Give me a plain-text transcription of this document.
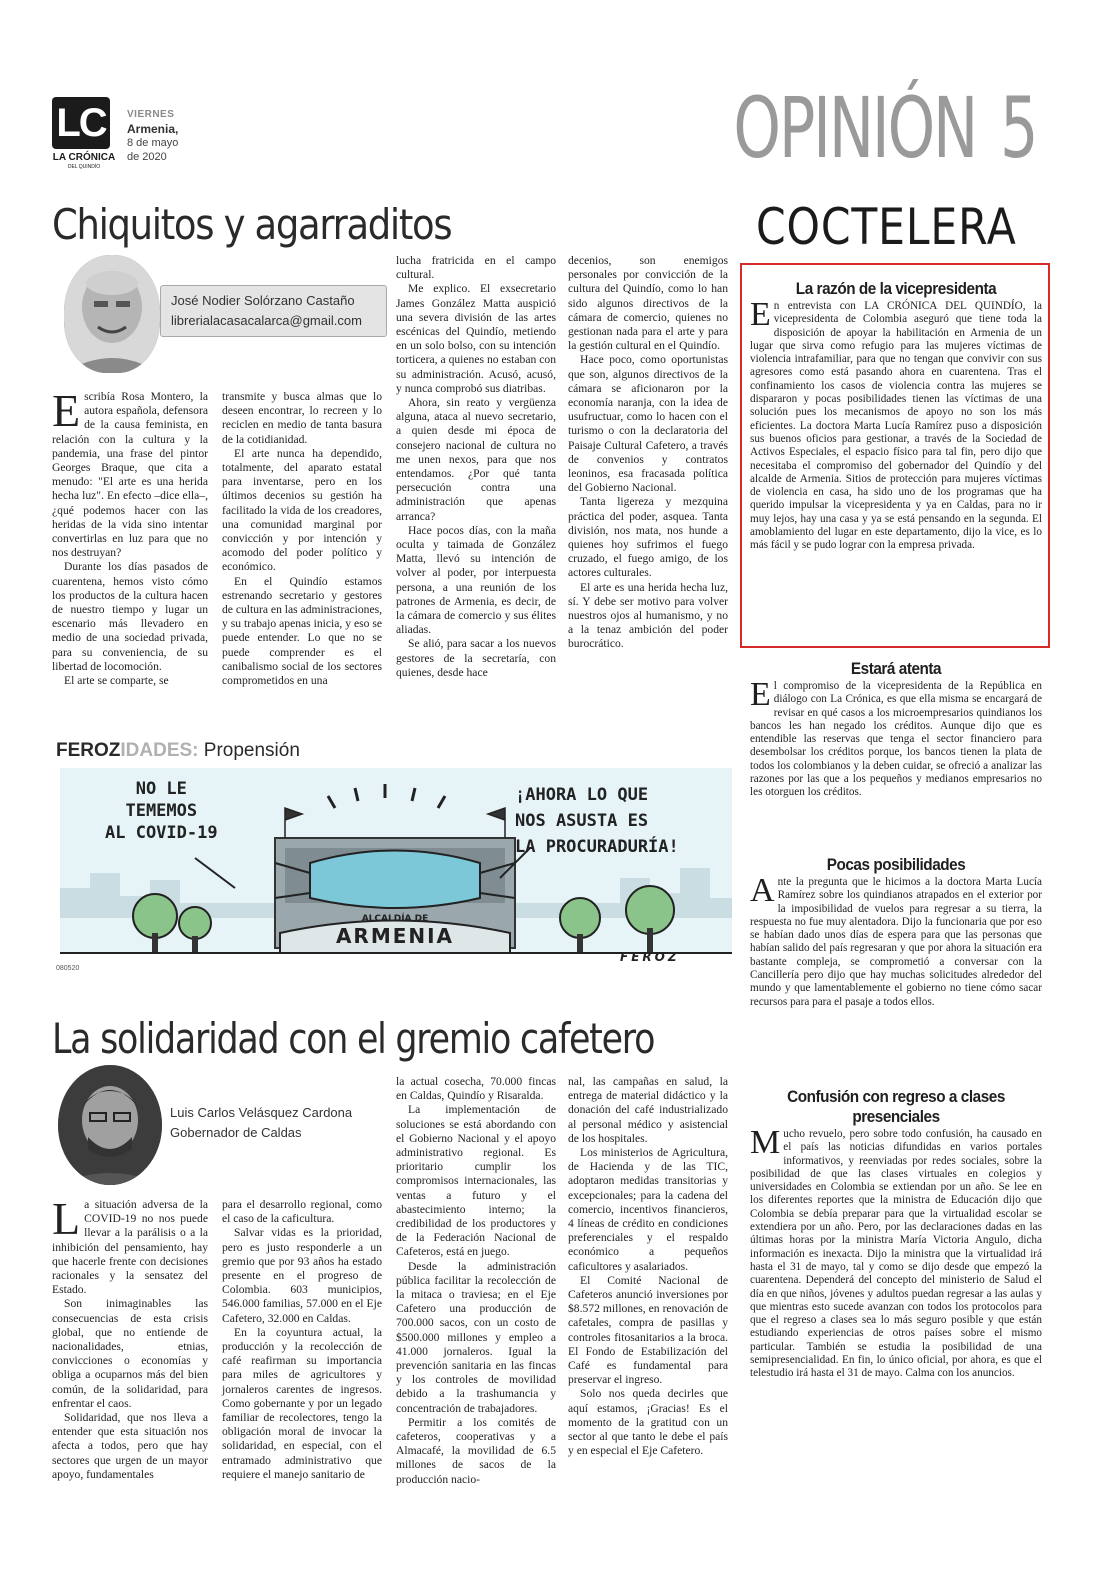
LC
LA CRÓNICA
DEL QUINDÍO
VIERNES
Armenia,
8 de mayo
de 2020	OPINIÓN 5
Chiquitos y agarraditos
José Nodier Solórzano Castaño
librerialacasacalarca@gmail.com

Escribía Rosa Montero, la autora española, defensora de la causa feminista, en relación con la cultura y la pandemia, una frase del pintor Georges Braque, que cita a menudo: "El arte es una herida hecha luz". En efecto –dice ella–, ¿qué podemos hacer con las heridas de la vida sino intentar convertirlas en luz para que no nos destruyan?

Durante los días pasados de cuarentena, hemos visto cómo los productos de la cultura hacen de nuestro tiempo y lugar un escenario más llevadero en medio de una sociedad privada, para su conveniencia, de su libertad de locomoción.

El arte se comparte, se

transmite y busca almas que lo deseen encontrar, lo recreen y lo reciclen en medio de tanta basura de la cotidianidad.

El arte nunca ha dependido, totalmente, del aparato estatal para inventarse, pero en los últimos decenios su gestión ha facilitado la vida de los creadores, una comunidad marginal por convicción y por intención y acomodo del poder político y económico.

En el Quindío estamos estrenando secretario y gestores de cultura en las administraciones, y su trabajo apenas inicia, y eso se puede entender. Lo que no se puede comprender es el canibalismo social de los sectores comprometidos en una

lucha fratricida en el campo cultural.

Me explico. El exsecretario James González Matta auspició una severa división de las artes escénicas del Quindío, metiendo en un solo bolso, con su intención torticera, a quienes no estaban con su administración. Acusó, acusó, y nunca comprobó sus diatribas.

Ahora, sin reato y vergüenza alguna, ataca al nuevo secretario, a quien desde mi época de consejero nacional de cultura no me unen nexos, para que nos entendamos. ¿Por qué tanta persecución contra una administración que apenas arranca?

Hace pocos días, con la maña oculta y taimada de González Matta, llevó su intención de volver al poder, por interpuesta persona, a una reunión de los patrones de Armenia, es decir, de la cámara de comercio y sus élites aliadas.

Se alió, para sacar a los nuevos gestores de la secretaría, con quienes, desde hace

decenios, son enemigos personales por convicción de la cultura del Quindío, como lo han sido algunos directivos de la cámara de comercio, quienes no gestionan nada para el arte y para la gestión cultural en el Quindío.

Hace poco, como oportunistas que son, algunos directivos de la cámara se aficionaron por la economía naranja, con la idea de usufructuar, como lo hacen con el turismo o con la declaratoria del Paisaje Cultural Cafetero, a través de convenios y contratos leoninos, esa fracasada política del Gobierno Nacional.

Tanta ligereza y mezquina práctica del poder, asquea. Tanta división, nos mata, nos hunde a quienes hoy sufrimos el fuego cruzado, el fuego amigo, de los actores culturales.

El arte es una herida hecha luz, sí. Y debe ser motivo para volver nuestros ojos al humanismo, y no a la tenaz ambición del poder burocrático.

FEROZIDADES: Propensión
NO LE
TEMEMOS
AL COVID-19
¡AHORA LO QUE
NOS ASUSTA ES
LA PROCURADURÍA!
ALCALDÍA DE
ARMENIA
FEROZ
080520
La solidaridad con el gremio cafetero
Luis Carlos Velásquez Cardona
Gobernador de Caldas

La situación adversa de la COVID-19 no nos puede llevar a la parálisis o a la inhibición del pensamiento, hay que hacerle frente con decisiones racionales y la sensatez del Estado.

Son inimaginables las consecuencias de esta crisis global, que no entiende de nacionalidades, etnias, convicciones o economías y obliga a ocuparnos más del bien común, de la solidaridad, para enfrentar el caos.

Solidaridad, que nos lleva a entender que esta situación nos afecta a todos, pero que hay sectores que urgen de un mayor apoyo, fundamentales

para el desarrollo regional, como el caso de la caficultura.

Salvar vidas es la prioridad, pero es justo responderle a un gremio que por 93 años ha estado presente en el progreso de Colombia. 603 municipios, 546.000 familias, 57.000 en el Eje Cafetero, 32.000 en Caldas.

En la coyuntura actual, la producción y la recolección de café reafirman su importancia para miles de agricultores y jornaleros carentes de ingresos. Como gobernante y por un legado familiar de recolectores, tengo la obligación moral de invocar la solidaridad, en especial, con el entramado administrativo que requiere el manejo sanitario de

la actual cosecha, 70.000 fincas en Caldas, Quindío y Risaralda.

La implementación de soluciones se está abordando con el Gobierno Nacional y el apoyo administrativo regional. Es prioritario cumplir los compromisos internacionales, las ventas a futuro y el abastecimiento interno; la credibilidad de los productores y de la Federación Nacional de Cafeteros, está en juego.

Desde la administración pública facilitar la recolección de la mitaca o traviesa; en el Eje Cafetero una producción de 700.000 sacos, con un costo de $500.000 millones y empleo a 41.000 jornaleros. Igual la prevención sanitaria en las fincas y los controles de movilidad debido a la trashumancia y concentración de trabajadores.

Permitir a los comités de cafeteros, cooperativas y a Almacafé, la movilidad de 6.5 millones de sacos de la producción nacio-

nal, las campañas en salud, la entrega de material didáctico y la donación del café industrializado al personal médico y asistencial de los hospitales.

Los ministerios de Agricultura, de Hacienda y de las TIC, adoptaron medidas transitorias y excepcionales; para la cadena del comercio, incentivos financieros, 4 líneas de crédito en condiciones preferenciales y el respaldo económico a pequeños caficultores y asalariados.

El Comité Nacional de Cafeteros anunció inversiones por $8.572 millones, en renovación de cafetales, compra de pasillas y controles fitosanitarios a la broca. El Fondo de Estabilización del Café es fundamental para preservar el ingreso.

Solo nos queda decirles que aquí estamos, ¡Gracias! Es el momento de la gratitud con un sector al que tanto le debe el país y en especial el Eje Cafetero.

COCTELERA
La razón de la vicepresidenta
En entrevista con LA CRÓNICA DEL QUINDÍO, la vicepresidenta de Colombia aseguró que tiene toda la disposición de apoyar la habilitación en Armenia de un lugar que sirva como refugio para las mujeres víctimas de violencia intrafamiliar, para que no tengan que convivir con sus agresores como está pasando ahora en cuarentena. Tras el confinamiento los casos de violencia contra las mujeres se dispararon y pocas posibilidades tienen las víctimas de una solución pues los mecanismos de apoyo no son los más eficientes. La doctora Marta Lucía Ramírez puso a disposición sus buenos oficios para gestionar, a través de la Sociedad de Activos Especiales, el espacio físico para tal fin, pero dijo que necesitaba el compromiso del gobernador del Quindío y del alcalde de Armenia. Sitios de protección para mujeres víctimas de violencia en casa, ha sido uno de los programas que ha querido impulsar la vicepresidenta y ya en Caldas, para no ir muy lejos, hay una casa y ya se está pensando en la segunda. El amoblamiento del lugar en este departamento, dijo la vice, es lo más fácil y se pudo lograr con la empresa privada.
Estará atenta
El compromiso de la vicepresidenta de la República en diálogo con La Crónica, es que ella misma se encargará de revisar en qué casos a los microempresarios quindianos los bancos les han negado los créditos. Aunque dijo que es entendible las reservas que tenga el sector financiero para desembolsar los créditos porque, los bancos tienen la plata de todos los colombianos y la deben cuidar, se ofreció a analizar las razones por las que a los pequeños y medianos empresarios no les otorguen los créditos.
Pocas posibilidades
Ante la pregunta que le hicimos a la doctora Marta Lucía Ramírez sobre los quindianos atrapados en el exterior por la imposibilidad de vuelos para regresar a su tierra, la respuesta no fue muy alentadora. Dijo la funcionaria que por eso se habían dado unos días de espera para que las personas que habían salido del país regresaran y que por ahora la situación era bastante compleja, se comprometió a conversar con la Cancillería pero dijo que hay muchas solicitudes alrededor del mundo y que lamentablemente el gobierno no tiene cómo sacar recursos para para el pasaje a todos ellos.
Confusión con regreso a clases presenciales
Mucho revuelo, pero sobre todo confusión, ha causado en el país las noticias difundidas en varios portales informativos, y reenviadas por redes sociales, sobre la posibilidad de que las clases virtuales en colegios y universidades en Colombia se extiendan por un año. Se lee en los diferentes reportes que la ministra de Educación dijo que Colombia se debía preparar para que la virtualidad escolar se extendiera por un año. Pero, por las declaraciones dadas en las últimas horas por la ministra María Victoria Angulo, dicha información es inexacta. Dijo la ministra que la virtualidad irá hasta el 31 de mayo, tal y como se dijo desde que empezó la cuarentena. Dependerá del concepto del ministerio de Salud el día en que niños, jóvenes y adultos puedan regresar a las aulas y que mientras esto sucede avanzan con todos los protocolos para que el regreso a clases sea lo más seguro posible y que están estudiando experiencias de otros países sobre el mismo particular. También se estudia la posibilidad de una semipresencialidad. En fin, lo único oficial, por ahora, es que el telestudio irá hasta el 31 de mayo. Calma con los anuncios.
